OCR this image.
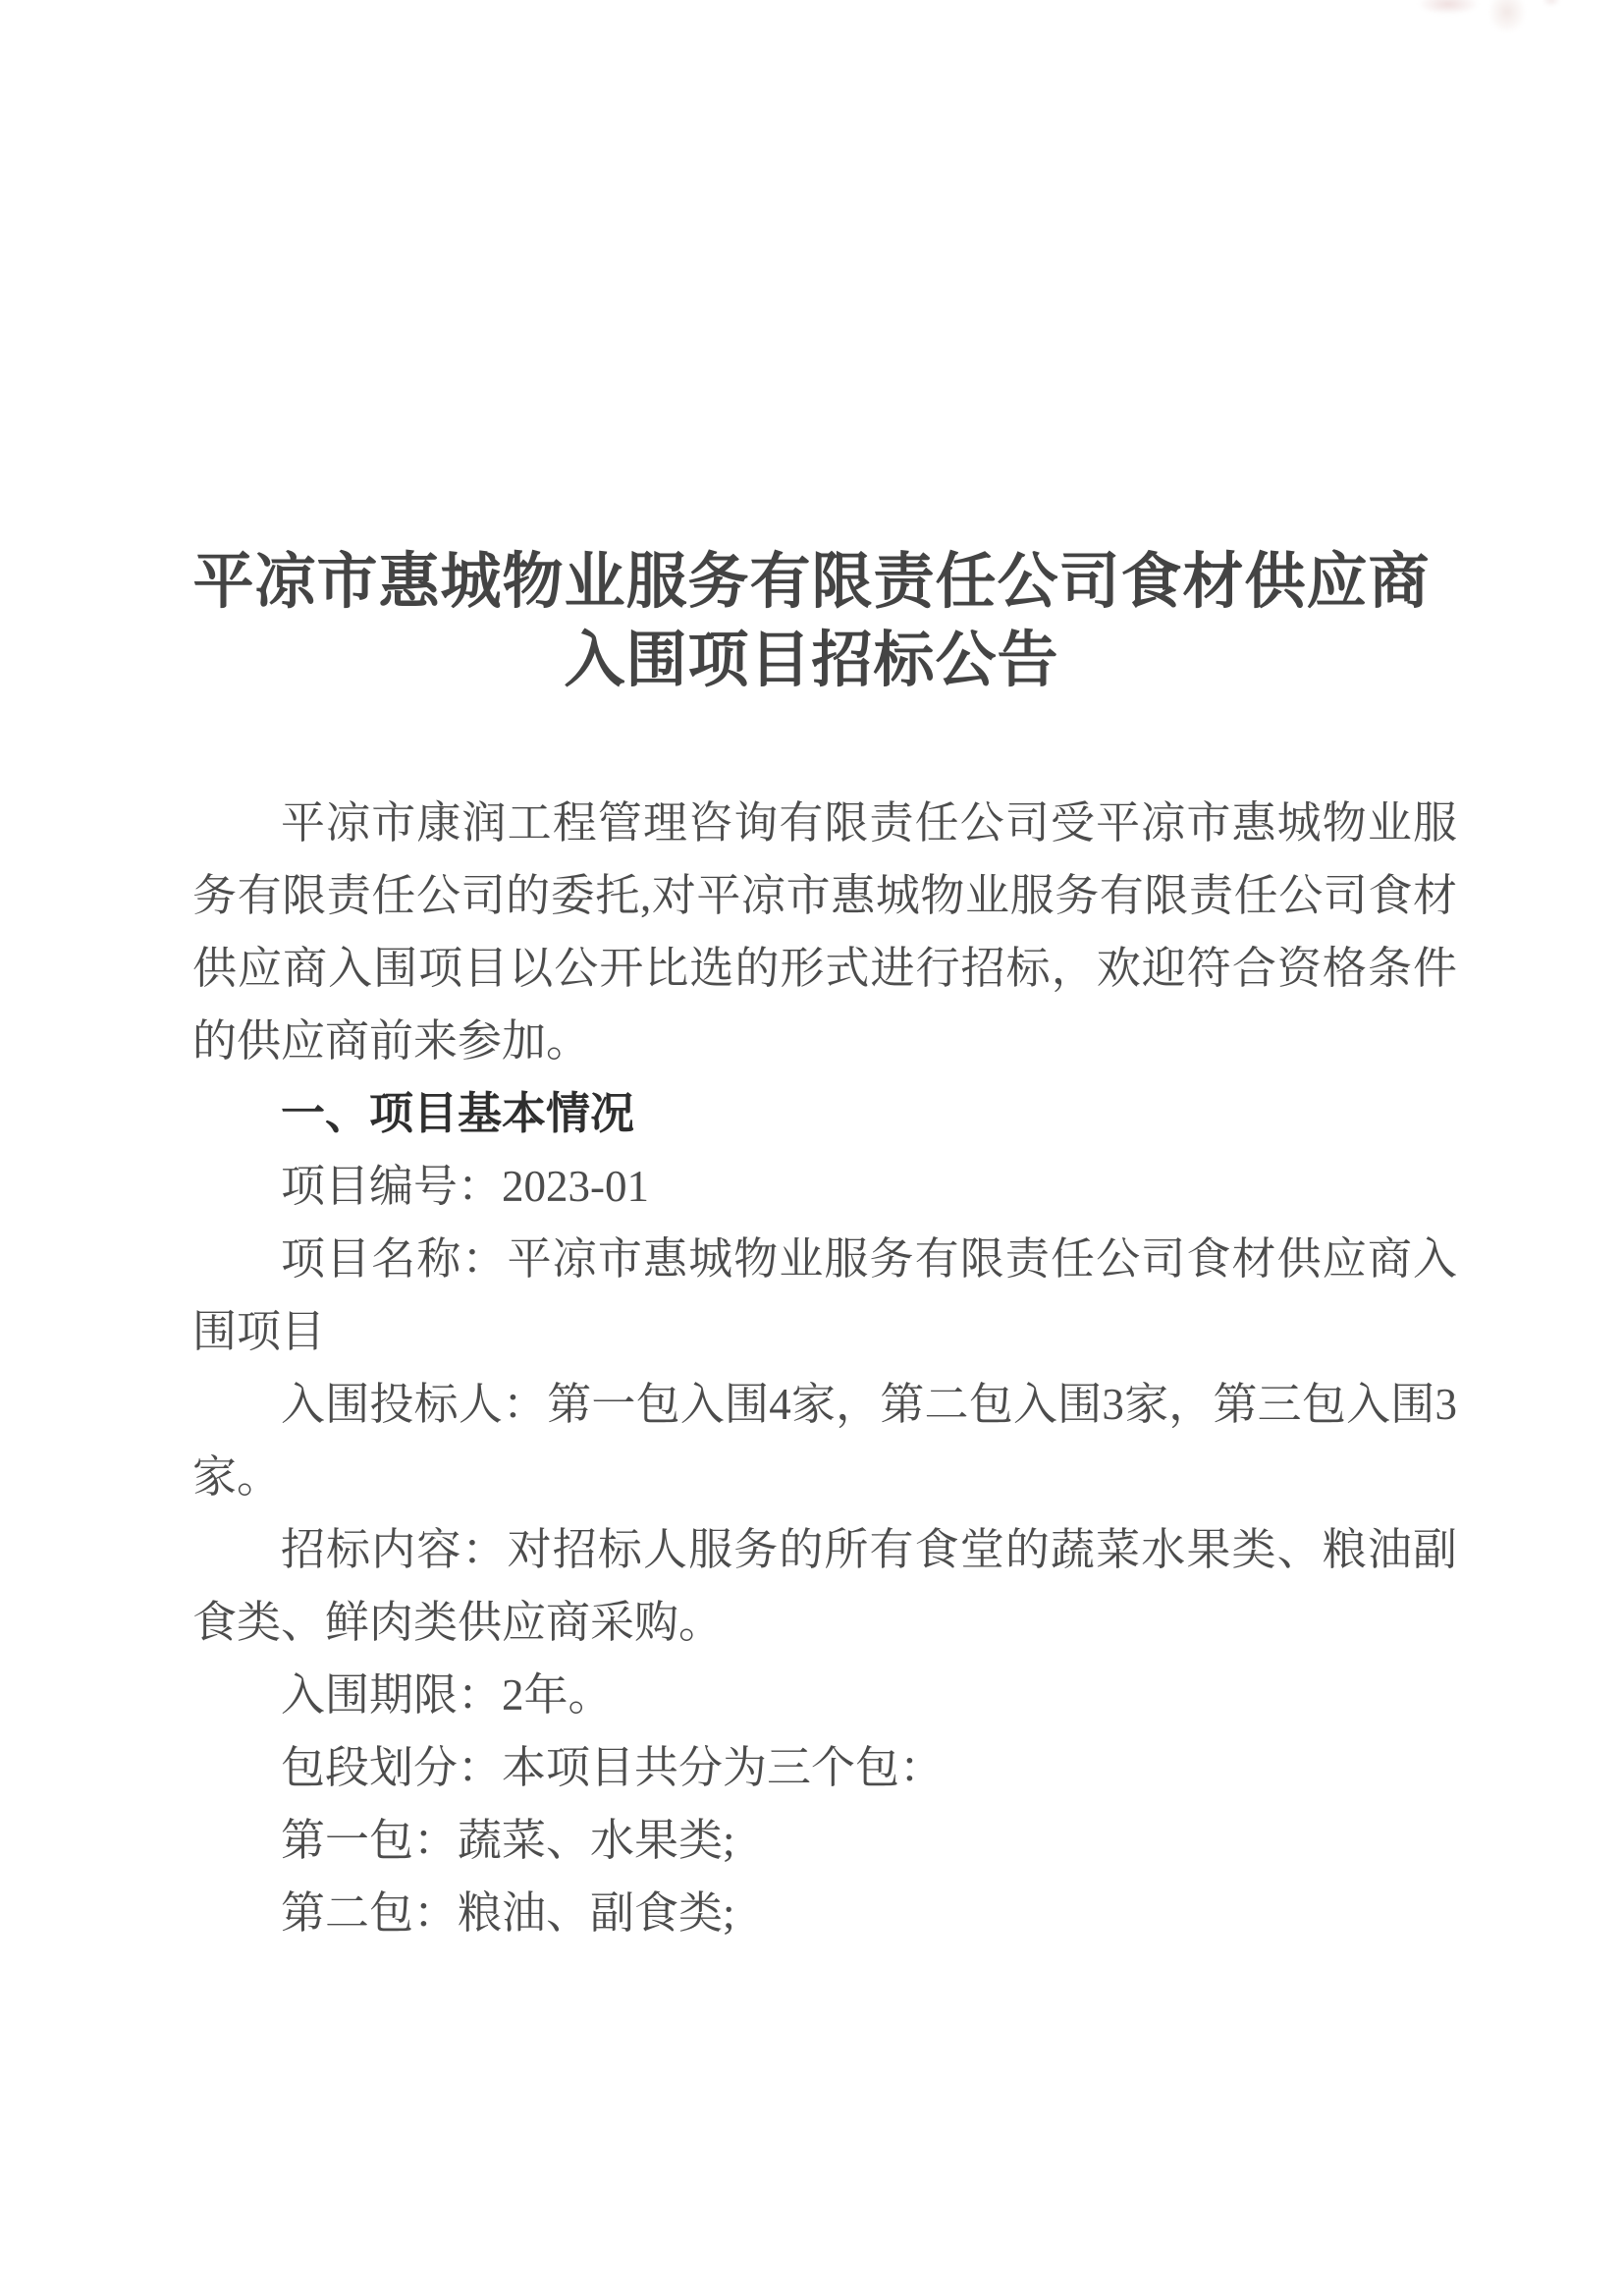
平凉市惠城物业服务有限责任公司食材供应商
入围项目招标公告
平凉市康润工程管理咨询有限责任公司受平凉市惠城物业服
务有限责任公司的委托,对平凉市惠城物业服务有限责任公司食材
供应商入围项目以公开比选的形式进行招标，欢迎符合资格条件
的供应商前来参加。
一、项目基本情况
项目编号：2023-01
项目名称：平凉市惠城物业服务有限责任公司食材供应商入
围项目
入围投标人：第一包入围4家，第二包入围3家，第三包入围3
家。
招标内容：对招标人服务的所有食堂的蔬菜水果类、粮油副
食类、鲜肉类供应商采购。
入围期限：2年。
包段划分：本项目共分为三个包：
第一包：蔬菜、水果类;
第二包：粮油、副食类;
